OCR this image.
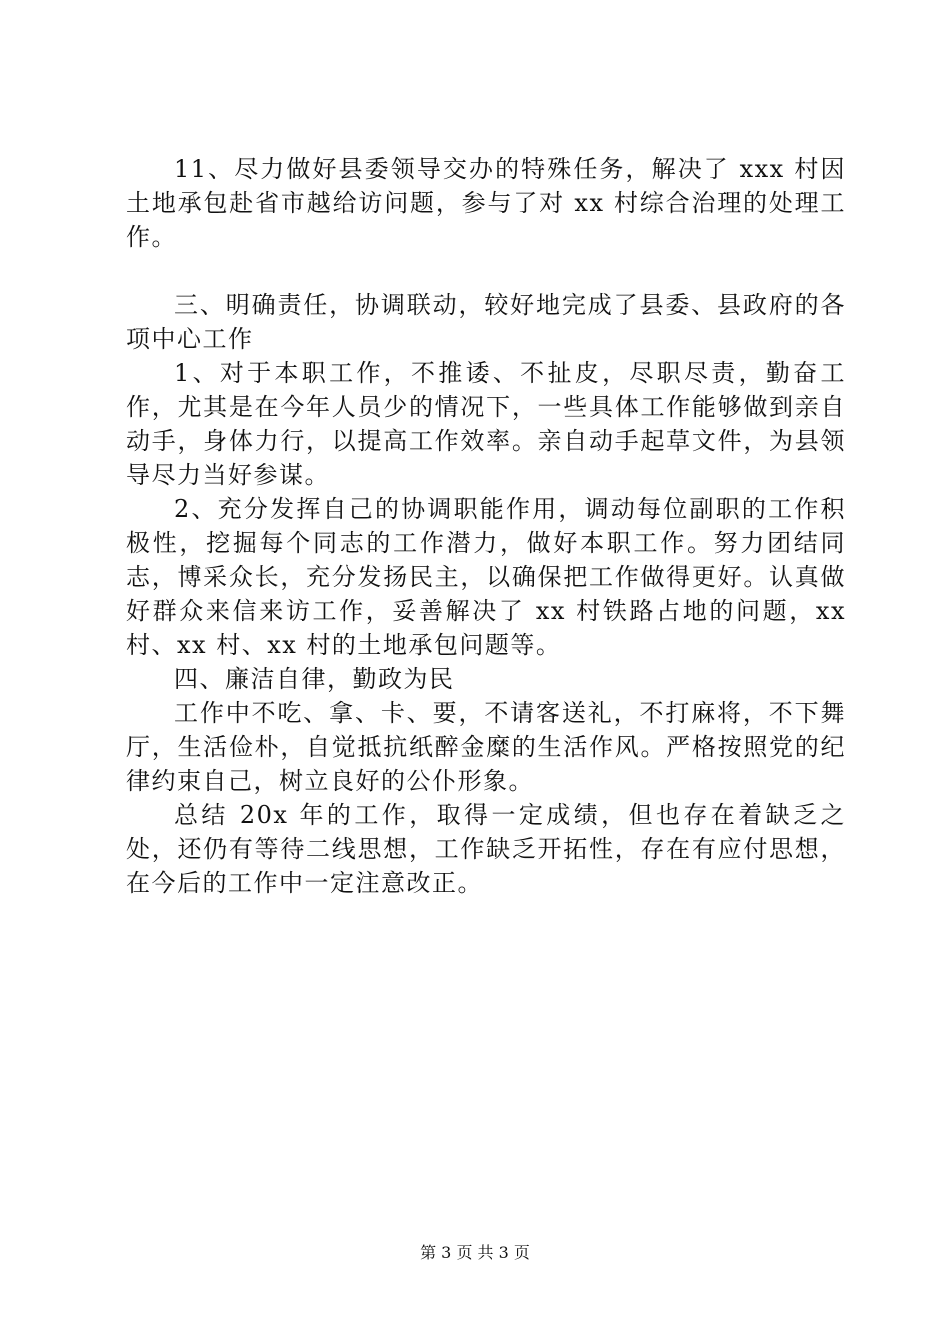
11、尽力做好县委领导交办的特殊任务，解决了 xxx 村因土地承包赴省市越给访问题，参与了对 xx 村综合治理的处理工作。

三、明确责任，协调联动，较好地完成了县委、县政府的各项中心工作

1、对于本职工作，不推诿、不扯皮，尽职尽责，勤奋工作，尤其是在今年人员少的情况下，一些具体工作能够做到亲自动手，身体力行，以提高工作效率。亲自动手起草文件，为县领导尽力当好参谋。

2、充分发挥自己的协调职能作用，调动每位副职的工作积极性，挖掘每个同志的工作潜力，做好本职工作。努力团结同志，博采众长，充分发扬民主，以确保把工作做得更好。认真做好群众来信来访工作，妥善解决了 xx 村铁路占地的问题，xx 村、xx 村、xx 村的土地承包问题等。

四、廉洁自律，勤政为民

工作中不吃、拿、卡、要，不请客送礼，不打麻将，不下舞厅，生活俭朴，自觉抵抗纸醉金糜的生活作风。严格按照党的纪律约束自己，树立良好的公仆形象。

总结 20x 年的工作，取得一定成绩，但也存在着缺乏之处，还仍有等待二线思想，工作缺乏开拓性，存在有应付思想，在今后的工作中一定注意改正。

第 3 页 共 3 页
